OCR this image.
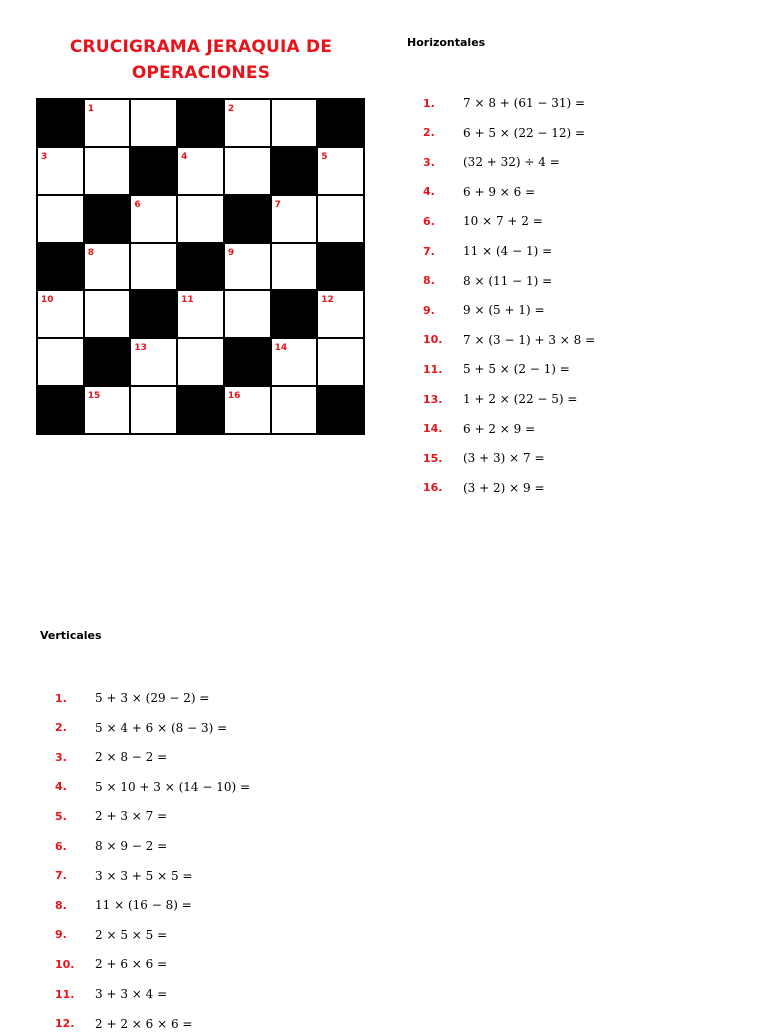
CRUCIGRAMA JERAQUIA DE OPERACIONES
1	2
3	4	5
6	7
8	9
10	11	12
13	14
15	16
Horizontales
1.	7 × 8 + (61 − 31) =
2.	6 + 5 × (22 − 12) =
3.	(32 + 32) ÷ 4 =
4.	6 + 9 × 6 =
6.	10 × 7 + 2 =
7.	11 × (4 − 1) =
8.	8 × (11 − 1) =
9.	9 × (5 + 1) =
10.	7 × (3 − 1) + 3 × 8 =
11.	5 + 5 × (2 − 1) =
13.	1 + 2 × (22 − 5) =
14.	6 + 2 × 9 =
15.	(3 + 3) × 7 =
16.	(3 + 2) × 9 =
Verticales
1.	5 + 3 × (29 − 2) =
2.	5 × 4 + 6 × (8 − 3) =
3.	2 × 8 − 2 =
4.	5 × 10 + 3 × (14 − 10) =
5.	2 + 3 × 7 =
6.	8 × 9 − 2 =
7.	3 × 3 + 5 × 5 =
8.	11 × (16 − 8) =
9.	2 × 5 × 5 =
10.	2 + 6 × 6 =
11.	3 + 3 × 4 =
12.	2 + 2 × 6 × 6 =
